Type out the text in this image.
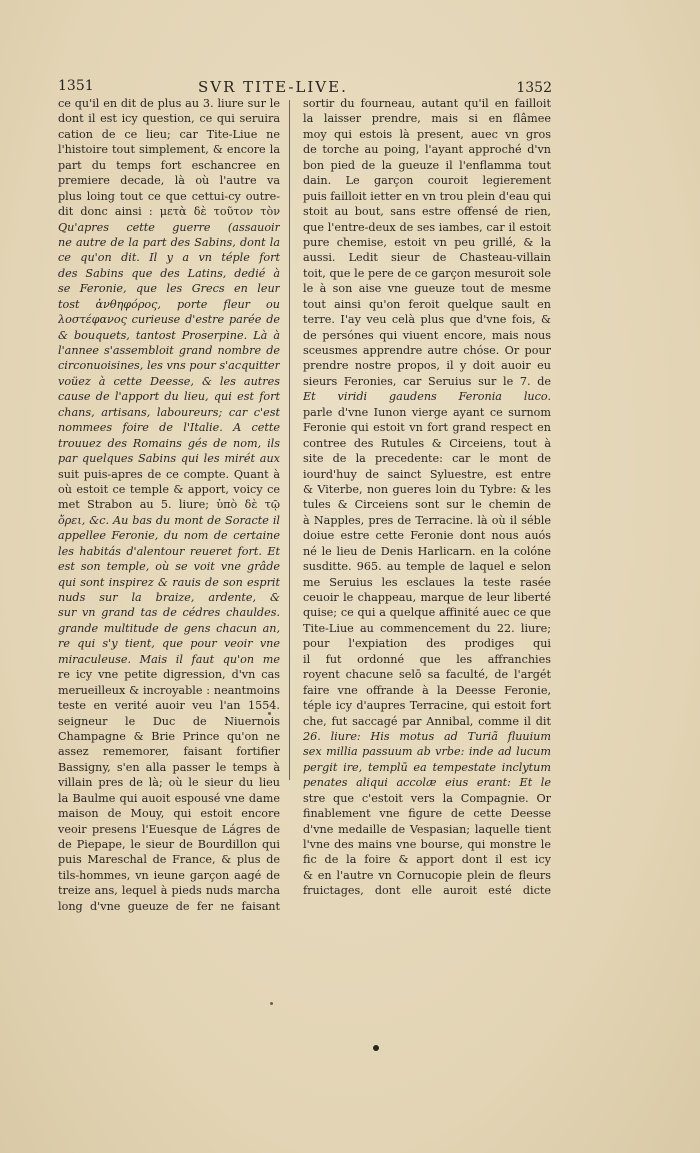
1351	SVR TITE-LIVE.	1352
ce qu'il en dit de plus au 3. liure sur le
dont il est icy question, ce qui seruira
cation de ce lieu; car Tite-Liue ne
l'histoire tout simplement, & encore la
part du temps fort eschancree en
premiere decade, là où l'autre va
plus loing tout ce que cettui-cy outre-
dit donc ainsi : μετὰ δὲ τοῦτον τὸν
Qu'apres cette guerre (assauoir
ne autre de la part des Sabins, dont la
ce qu'on dit. Il y a vn téple fort
des Sabins que des Latins, dedié à
se Feronie, que les Grecs en leur
tost ἀνθηφόρος, porte fleur ou
λοστέφανος curieuse d'estre parée de
& bouquets, tantost Proserpine. Là à
l'annee s'assembloit grand nombre de
circonuoisines, les vns pour s'acquitter
voüez à cette Deesse, & les autres
cause de l'apport du lieu, qui est fort
chans, artisans, laboureurs; car c'est
nommees foire de l'Italie. A cette
trouuez des Romains gés de nom, ils
par quelques Sabins qui les mirét aux
suit puis-apres de ce compte. Quant à
où estoit ce temple & apport, voicy ce
met Strabon au 5. liure; ὑπὸ δὲ τῷ
ὄρει, &c. Au bas du mont de Soracte il
appellee Feronie, du nom de certaine
les habitás d'alentour reueret fort. Et
est son temple, où se voit vne grâde
qui sont inspirez & rauis de son esprit
nuds sur la braize, ardente, &
sur vn grand tas de cédres chauldes.
grande multitude de gens chacun an,
re qui s'y tient, que pour veoir vne
miraculeuse. Mais il faut qu'on me
re icy vne petite digression, d'vn cas
merueilleux & incroyable : neantmoins
teste en verité auoir veu l'an 1554.
seigneur le Duc de Niuernois
Champagne & Brie Prince qu'on ne
assez rememorer, faisant fortifier
Bassigny, s'en alla passer le temps à
villain pres de là; où le sieur du lieu
la Baulme qui auoit espousé vne dame
maison de Mouy, qui estoit encore
veoir presens l'Euesque de Lágres de
de Piepape, le sieur de Bourdillon qui
puis Mareschal de France, & plus de
tils-hommes, vn ieune garçon aagé de
treize ans, lequel à pieds nuds marcha
long d'vne gueuze de fer ne faisant
sortir du fourneau, autant qu'il en failloit
la laisser prendre, mais si en flâmee
moy qui estois là present, auec vn gros
de torche au poing, l'ayant approché d'vn
bon pied de la gueuze il l'enflamma tout
dain. Le garçon couroit legierement
puis failloit ietter en vn trou plein d'eau qui
stoit au bout, sans estre offensé de rien,
que l'entre-deux de ses iambes, car il estoit
pure chemise, estoit vn peu grillé, & la
aussi. Ledit sieur de Chasteau-villain
toit, que le pere de ce garçon mesuroit sole
le à son aise vne gueuze tout de mesme
tout ainsi qu'on feroit quelque sault en
terre. I'ay veu celà plus que d'vne fois, &
de persónes qui viuent encore, mais nous
sceusmes apprendre autre chóse. Or pour
prendre nostre propos, il y doit auoir eu
sieurs Feronies, car Seruius sur le 7. de
Et viridi gaudens Feronia luco.
parle d'vne Iunon vierge ayant ce surnom
Feronie qui estoit vn fort grand respect en
contree des Rutules & Circeiens, tout à
site de la precedente: car le mont de
iourd'huy de sainct Syluestre, est entre
& Viterbe, non gueres loin du Tybre: & les
tules & Circeiens sont sur le chemin de
à Napples, pres de Terracine. là où il séble
doiue estre cette Feronie dont nous auós
né le lieu de Denis Harlicarn. en la colóne
susditte. 965. au temple de laquel e selon
me Seruius les esclaues la teste rasée
ceuoir le chappeau, marque de leur liberté
quise; ce qui a quelque affinité auec ce que
Tite-Liue au commencement du 22. liure;
pour l'expiation des prodiges qui
il fut ordonné que les affranchies
royent chacune selō sa faculté, de l'argét
faire vne offrande à la Deesse Feronie,
téple icy d'aupres Terracine, qui estoit fort
che, fut saccagé par Annibal, comme il dit
26. liure: His motus ad Turiã fluuium
sex millia passuum ab vrbe: inde ad lucum
pergit ire, templū ea tempestate inclytum
penates aliqui accolæ eius erant: Et le
stre que c'estoit vers la Compagnie. Or
finablement vne figure de cette Deesse
d'vne medaille de Vespasian; laquelle tient
l'vne des mains vne bourse, qui monstre le
fic de la foire & apport dont il est icy
& en l'autre vn Cornucopie plein de fleurs
fruictages, dont elle auroit esté dicte
